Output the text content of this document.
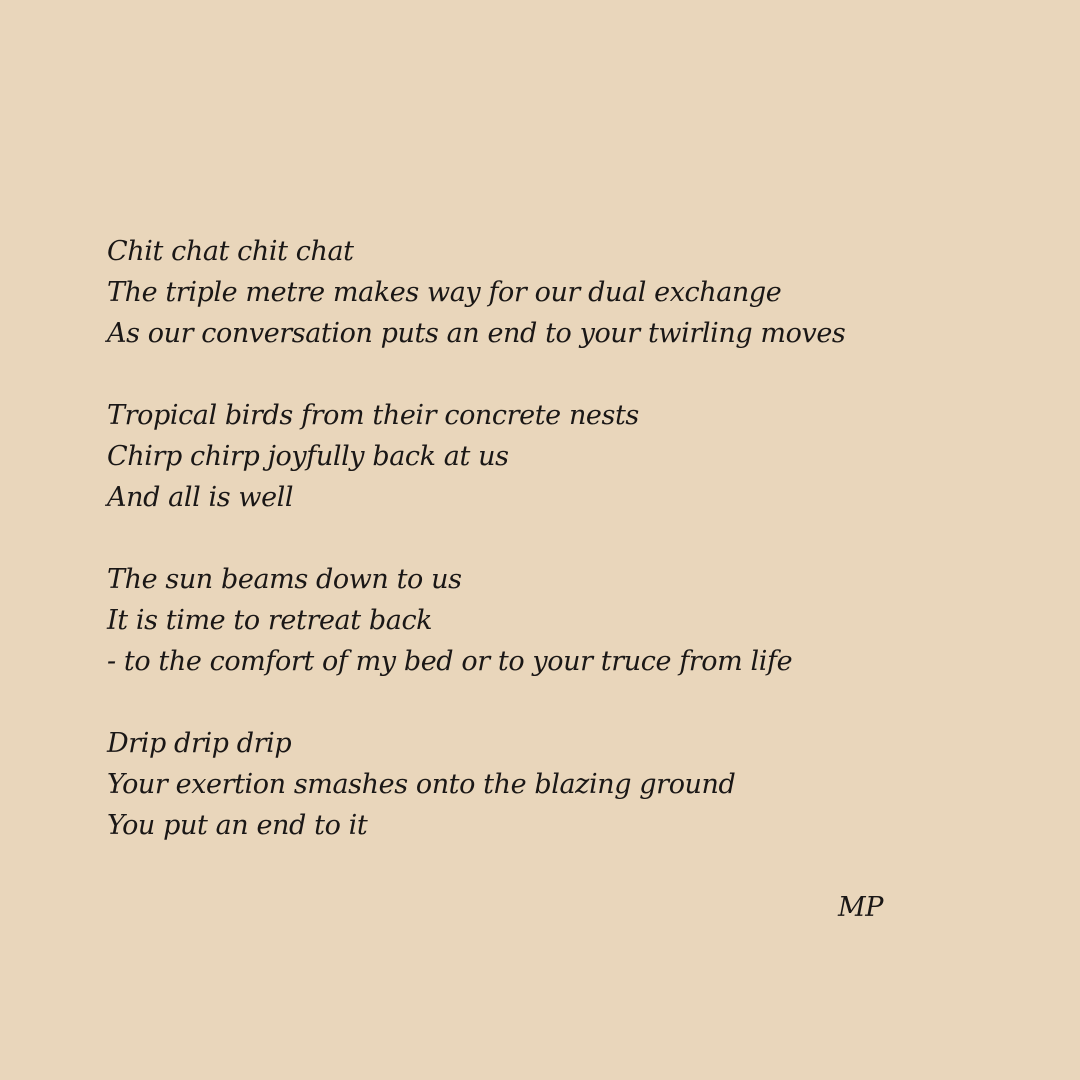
Chit chat chit chat
The triple metre makes way for our dual exchange
As our conversation puts an end to your twirling moves
Tropical birds from their concrete nests
Chirp chirp joyfully back at us
And all is well
The sun beams down to us
It is time to retreat back
- to the comfort of my bed or to your truce from life
Drip drip drip
Your exertion smashes onto the blazing ground
You put an end to it
MP
